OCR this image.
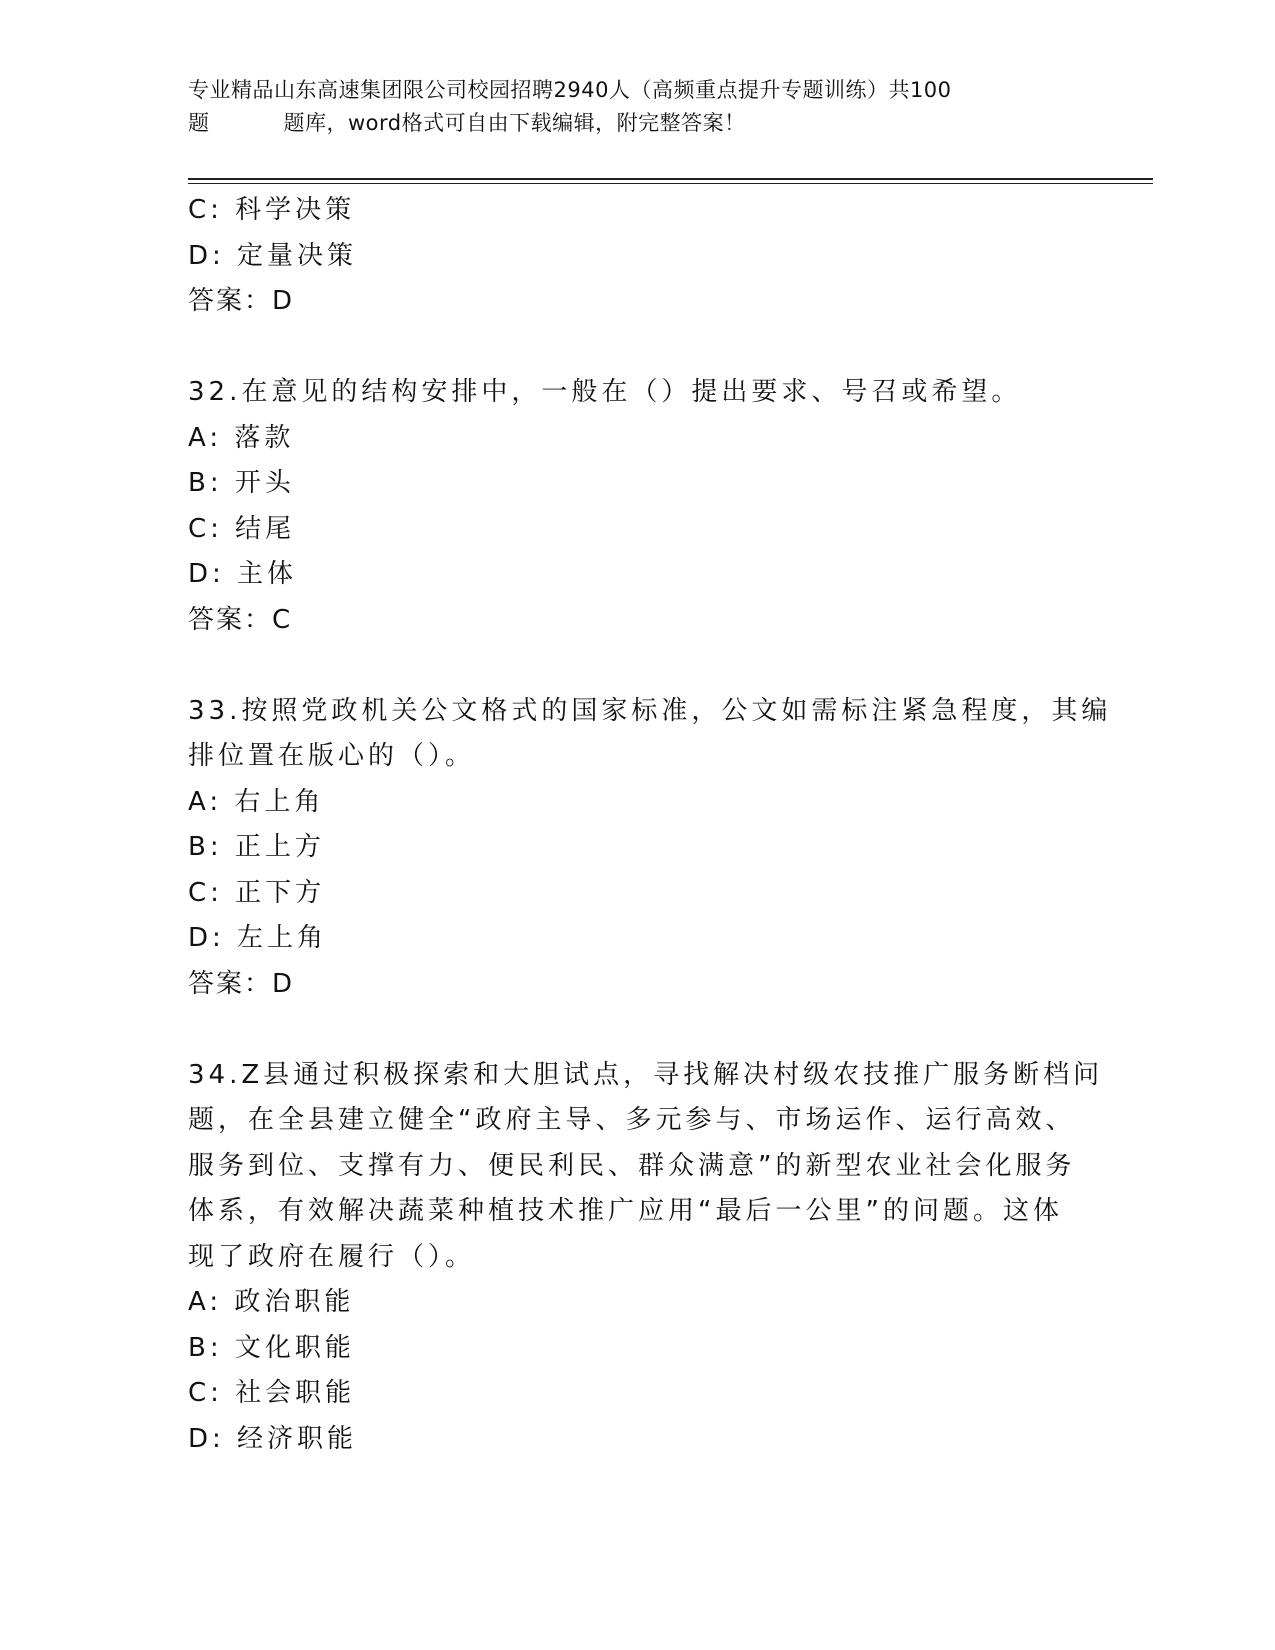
专业精品山东高速集团限公司校园招聘2940人（高频重点提升专题训练）共100
题	题库，word格式可自由下载编辑，附完整答案！
C: 科学决策
D: 定量决策
答案：D
32.在意见的结构安排中，一般在（）提出要求、号召或希望。
A: 落款
B: 开头
C: 结尾
D: 主体
答案：C
33.按照党政机关公文格式的国家标准，公文如需标注紧急程度，其编
排位置在版心的（）。
A: 右上角
B: 正上方
C: 正下方
D: 左上角
答案：D
34.Z县通过积极探索和大胆试点，寻找解决村级农技推广服务断档问
题，在全县建立健全“政府主导、多元参与、市场运作、运行高效、
服务到位、支撑有力、便民利民、群众满意”的新型农业社会化服务
体系，有效解决蔬菜种植技术推广应用“最后一公里”的问题。这体
现了政府在履行（）。
A: 政治职能
B: 文化职能
C: 社会职能
D: 经济职能
